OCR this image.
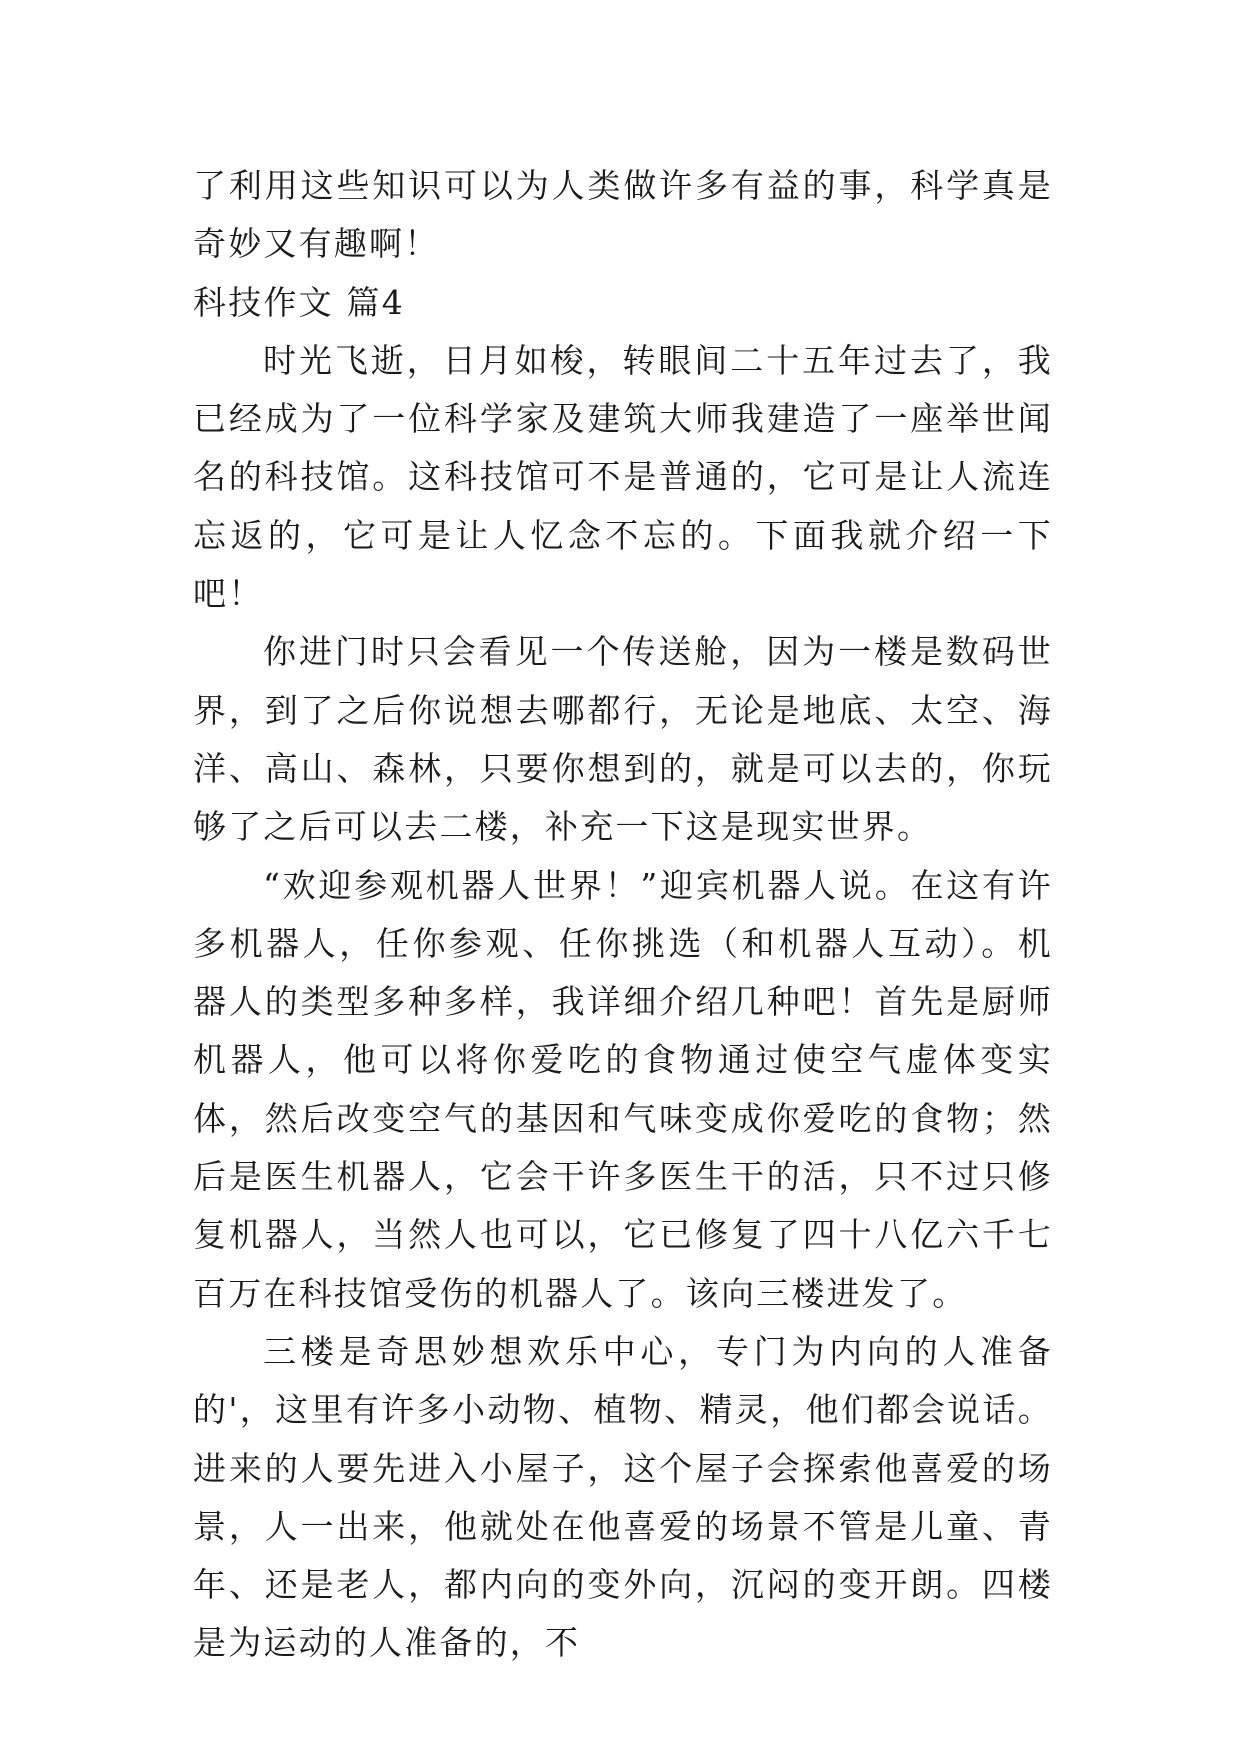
了利用这些知识可以为人类做许多有益的事，科学真是奇妙又有趣啊！

科技作文 篇4

时光飞逝，日月如梭，转眼间二十五年过去了，我已经成为了一位科学家及建筑大师我建造了一座举世闻名的科技馆。这科技馆可不是普通的，它可是让人流连忘返的，它可是让人忆念不忘的。下面我就介绍一下吧！

你进门时只会看见一个传送舱，因为一楼是数码世界，到了之后你说想去哪都行，无论是地底、太空、海洋、高山、森林，只要你想到的，就是可以去的，你玩够了之后可以去二楼，补充一下这是现实世界。

“欢迎参观机器人世界！”迎宾机器人说。在这有许多机器人，任你参观、任你挑选（和机器人互动）。机器人的类型多种多样，我详细介绍几种吧！首先是厨师机器人，他可以将你爱吃的食物通过使空气虚体变实体，然后改变空气的基因和气味变成你爱吃的食物；然后是医生机器人，它会干许多医生干的活，只不过只修复机器人，当然人也可以，它已修复了四十八亿六千七百万在科技馆受伤的机器人了。该向三楼进发了。

三楼是奇思妙想欢乐中心，专门为内向的人准备的'，这里有许多小动物、植物、精灵，他们都会说话。进来的人要先进入小屋子，这个屋子会探索他喜爱的场景，人一出来，他就处在他喜爱的场景不管是儿童、青年、还是老人，都内向的变外向，沉闷的变开朗。四楼是为运动的人准备的，不
